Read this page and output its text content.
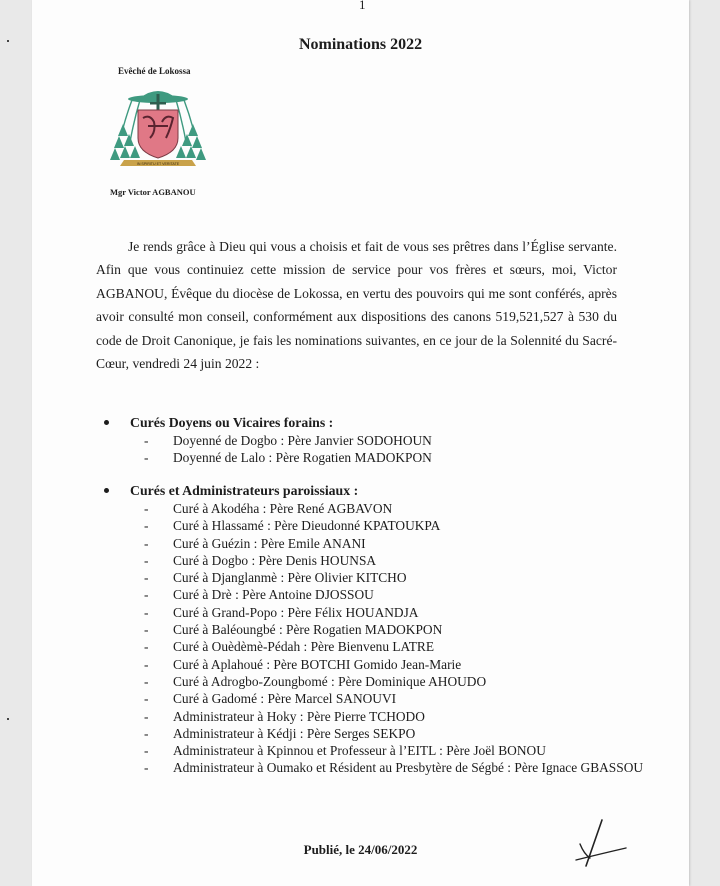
1
Nominations 2022
Evêché de Lokossa
IN SPIRITU ET VERITATE
Mgr Victor AGBANOU

Je rends grâce à Dieu qui vous a choisis et fait de vous ses prêtres dans l’Église servante. Afin que vous continuiez cette mission de service pour vos frères et sœurs, moi, Victor AGBANOU, Évêque du diocèse de Lokossa, en vertu des pouvoirs qui me sont conférés, après avoir consulté mon conseil, conformément aux dispositions des canons 519,521,527 à 530 du code de Droit Canonique, je fais les nominations suivantes, en ce jour de la Solennité du Sacré-Cœur, vendredi 24 juin 2022 :

Curés Doyens ou Vicaires forains :
- Doyenné de Dogbo : Père Janvier SODOHOUN
- Doyenné de Lalo : Père Rogatien MADOKPON
Curés et Administrateurs paroissiaux :
- Curé à Akodéha : Père René AGBAVON
- Curé à Hlassamé : Père Dieudonné KPATOUKPA
- Curé à Guézin : Père Emile ANANI
- Curé à Dogbo : Père Denis HOUNSA
- Curé à Djanglanmè : Père Olivier KITCHO
- Curé à Drè : Père Antoine DJOSSOU
- Curé à Grand-Popo : Père Félix HOUANDJA
- Curé à Baléoungbé : Père Rogatien MADOKPON
- Curé à Ouèdèmè-Pédah : Père Bienvenu LATRE
- Curé à Aplahoué : Père BOTCHI Gomido Jean-Marie
- Curé à Adrogbo-Zoungbomé : Père Dominique AHOUDO
- Curé à Gadomé : Père Marcel SANOUVI
- Administrateur à Hoky : Père Pierre TCHODO
- Administrateur à Kédji : Père Serges SEKPO
- Administrateur à Kpinnou et Professeur à l’EITL : Père Joël BONOU
- Administrateur à Oumako et Résident au Presbytère de Ségbé : Père Ignace GBASSOU
Publié, le 24/06/2022
